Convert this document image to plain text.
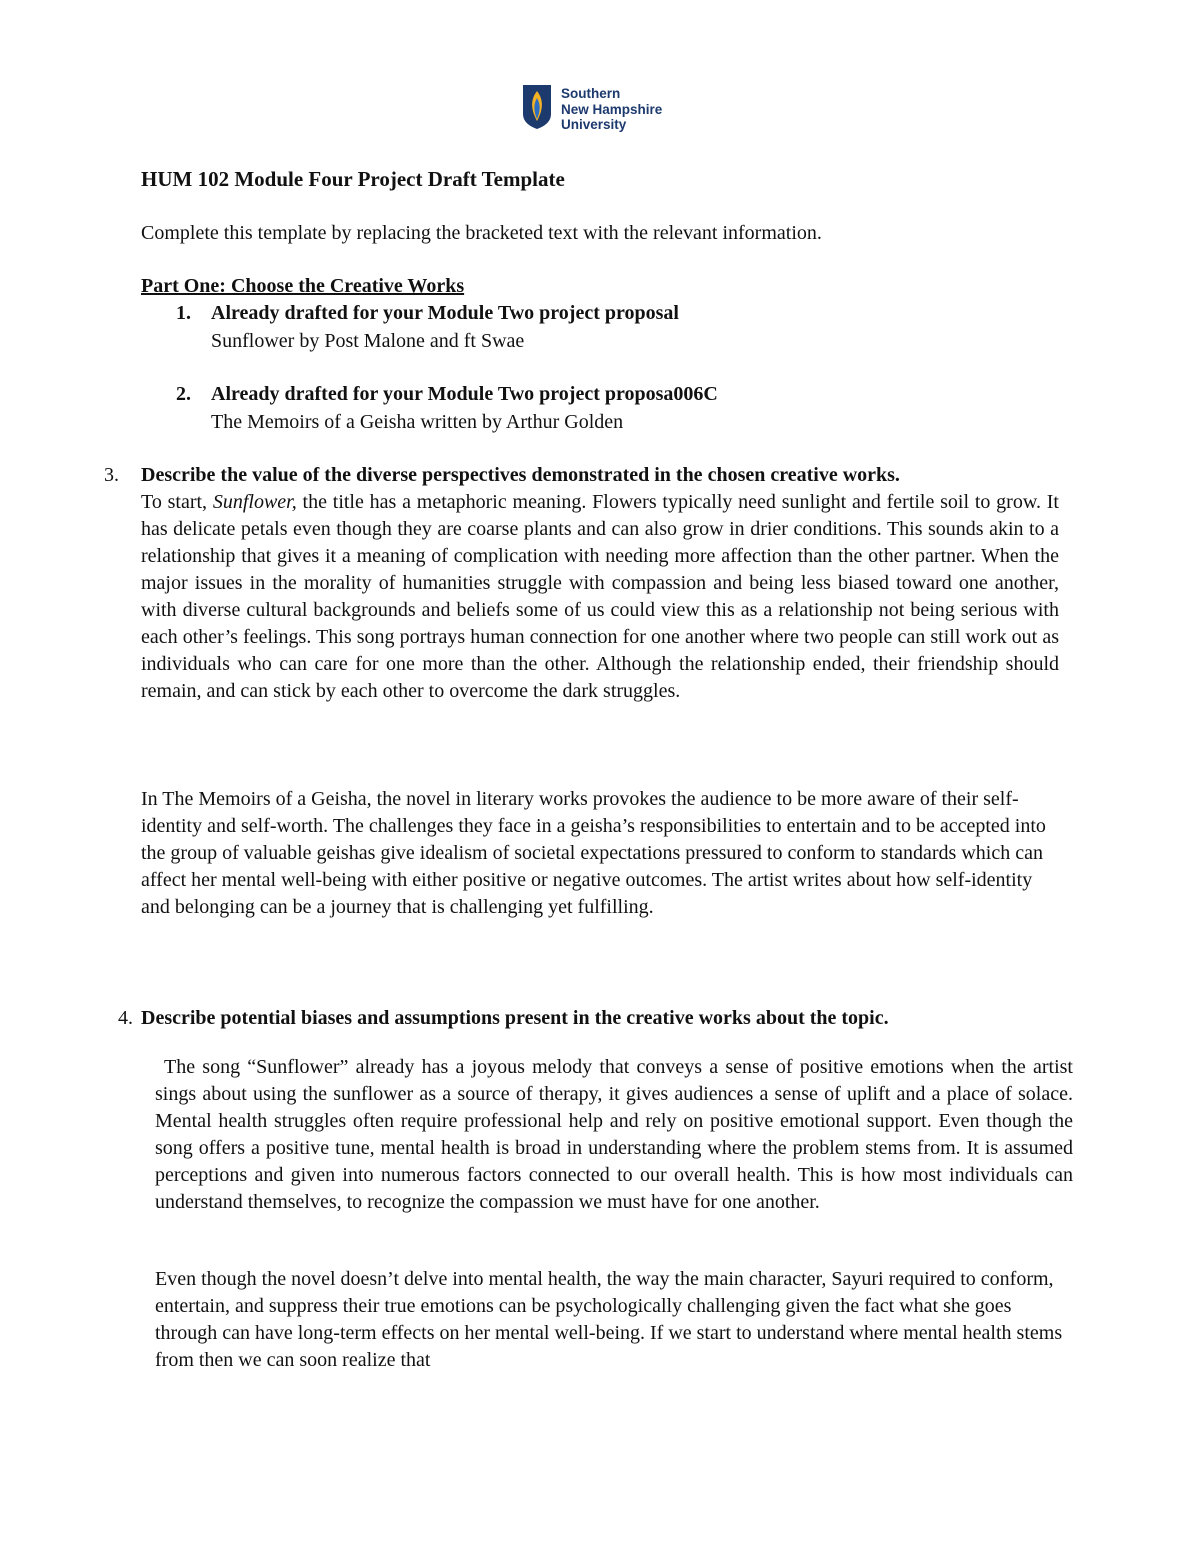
Southern
New Hampshire
University
HUM 102 Module Four Project Draft Template

Complete this template by replacing the bracketed text with the relevant information.

Part One: Choose the Creative Works

1. Already drafted for your Module Two project proposal
Sunflower by Post Malone and ft Swae
2. Already drafted for your Module Two project proposa006C
The Memoirs of a Geisha written by Arthur Golden
3. Describe the value of the diverse perspectives demonstrated in the chosen creative works.

To start, Sunflower, the title has a metaphoric meaning. Flowers typically need sunlight and fertile soil to grow. It has delicate petals even though they are coarse plants and can also grow in drier conditions. This sounds akin to a relationship that gives it a meaning of complication with needing more affection than the other partner. When the major issues in the morality of humanities struggle with compassion and being less biased toward one another, with diverse cultural backgrounds and beliefs some of us could view this as a relationship not being serious with each other’s feelings. This song portrays human connection for one another where two people can still work out as individuals who can care for one more than the other. Although the relationship ended, their friendship should remain, and can stick by each other to overcome the dark struggles.

In The Memoirs of a Geisha, the novel in literary works provokes the audience to be more aware of their self-identity and self-worth. The challenges they face in a geisha’s responsibilities to entertain and to be accepted into the group of valuable geishas give idealism of societal expectations pressured to conform to standards which can affect her mental well-being with either positive or negative outcomes. The artist writes about how self-identity and belonging can be a journey that is challenging yet fulfilling.

4. Describe potential biases and assumptions present in the creative works about the topic.

The song “Sunflower” already has a joyous melody that conveys a sense of positive emotions when the artist sings about using the sunflower as a source of therapy, it gives audiences a sense of uplift and a place of solace. Mental health struggles often require professional help and rely on positive emotional support. Even though the song offers a positive tune, mental health is broad in understanding where the problem stems from. It is assumed perceptions and given into numerous factors connected to our overall health. This is how most individuals can understand themselves, to recognize the compassion we must have for one another.

Even though the novel doesn’t delve into mental health, the way the main character, Sayuri required to conform, entertain, and suppress their true emotions can be psychologically challenging given the fact what she goes through can have long-term effects on her mental well-being. If we start to understand where mental health stems from then we can soon realize that
